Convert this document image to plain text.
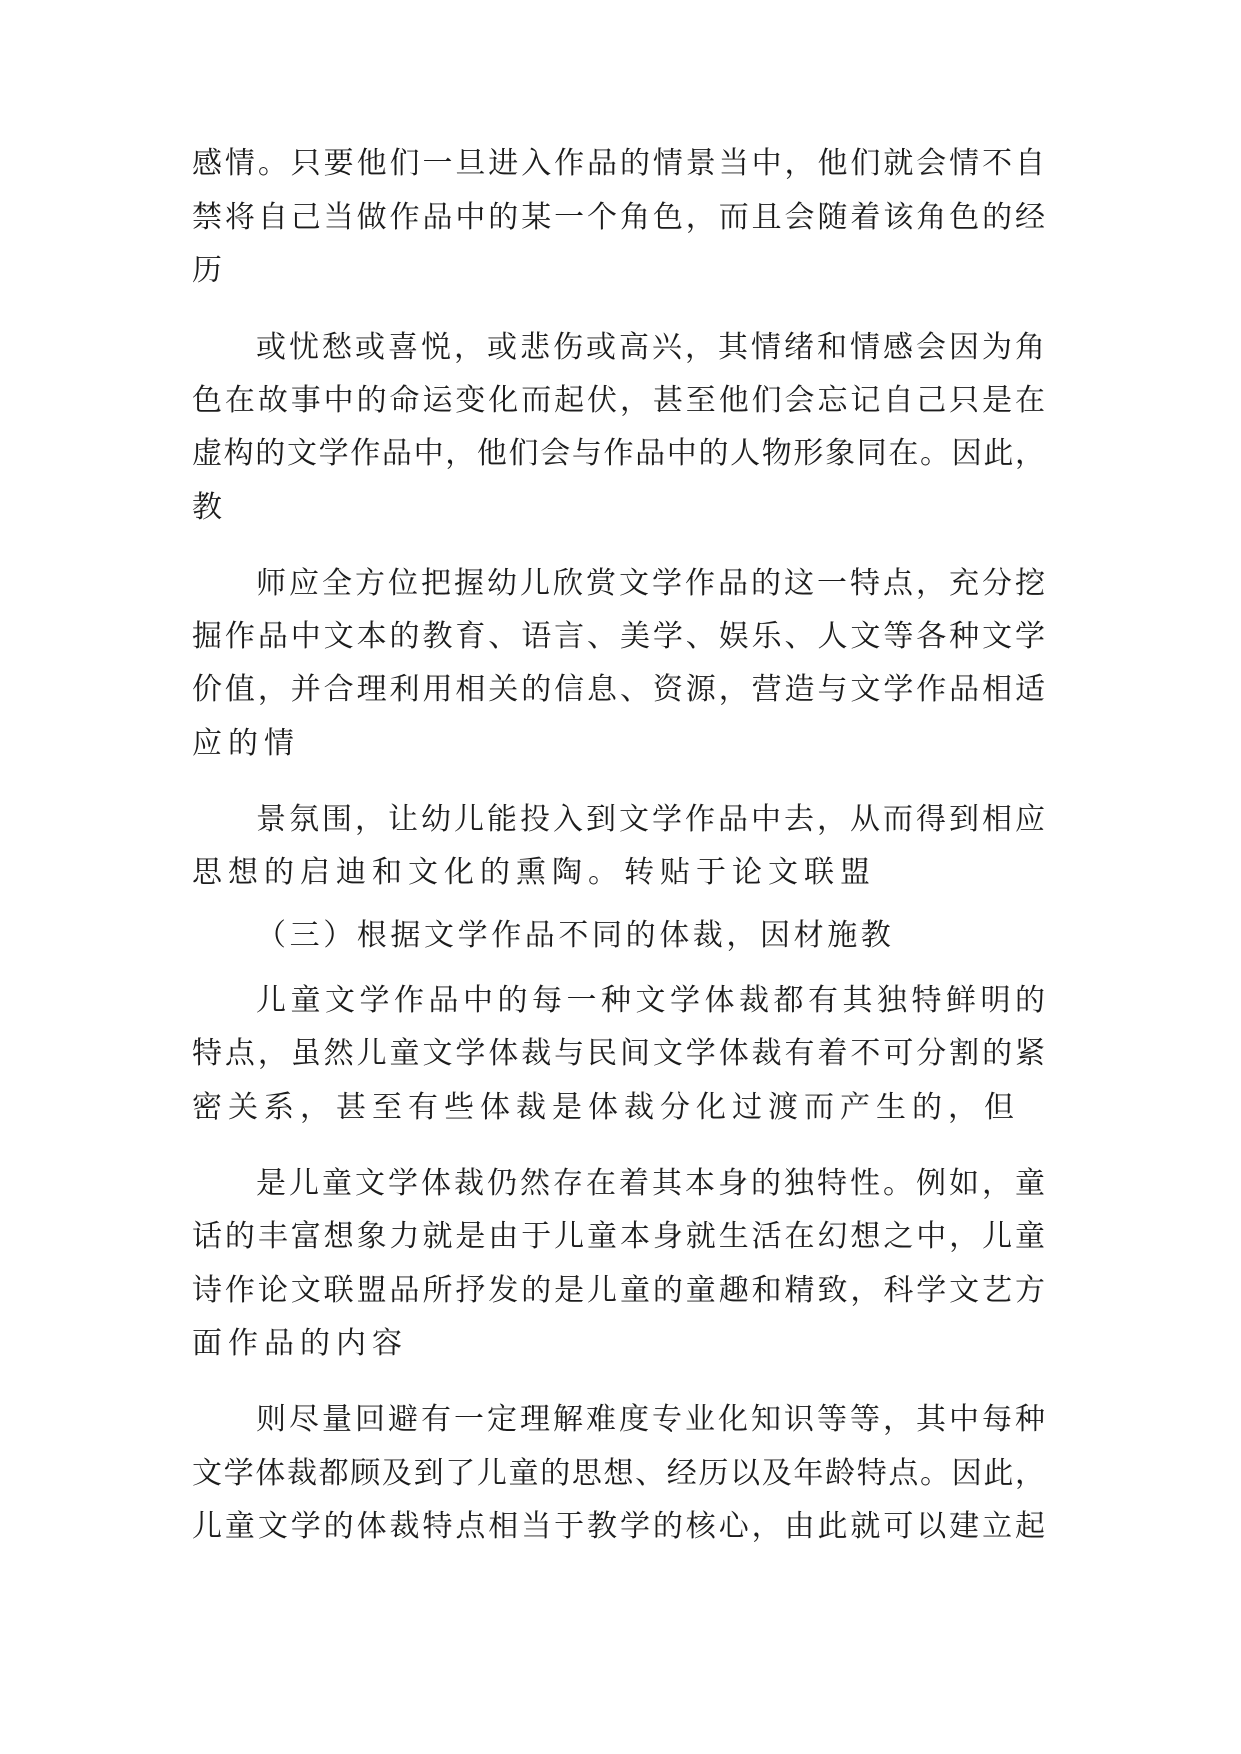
感情。只要他们一旦进入作品的情景当中，他们就会情不自
禁将自己当做作品中的某一个角色，而且会随着该角色的经
历
或忧愁或喜悦，或悲伤或高兴，其情绪和情感会因为角
色在故事中的命运变化而起伏，甚至他们会忘记自己只是在
虚构的文学作品中，他们会与作品中的人物形象同在。因此，
教
师应全方位把握幼儿欣赏文学作品的这一特点，充分挖
掘作品中文本的教育、语言、美学、娱乐、人文等各种文学
价值，并合理利用相关的信息、资源，营造与文学作品相适
应的情
景氛围，让幼儿能投入到文学作品中去，从而得到相应
思想的启迪和文化的熏陶。转贴于论文联盟
（三）根据文学作品不同的体裁，因材施教
儿童文学作品中的每一种文学体裁都有其独特鲜明的
特点，虽然儿童文学体裁与民间文学体裁有着不可分割的紧
密关系，甚至有些体裁是体裁分化过渡而产生的，但
是儿童文学体裁仍然存在着其本身的独特性。例如，童
话的丰富想象力就是由于儿童本身就生活在幻想之中，儿童
诗作论文联盟品所抒发的是儿童的童趣和精致，科学文艺方
面作品的内容
则尽量回避有一定理解难度专业化知识等等，其中每种
文学体裁都顾及到了儿童的思想、经历以及年龄特点。因此，
儿童文学的体裁特点相当于教学的核心，由此就可以建立起
